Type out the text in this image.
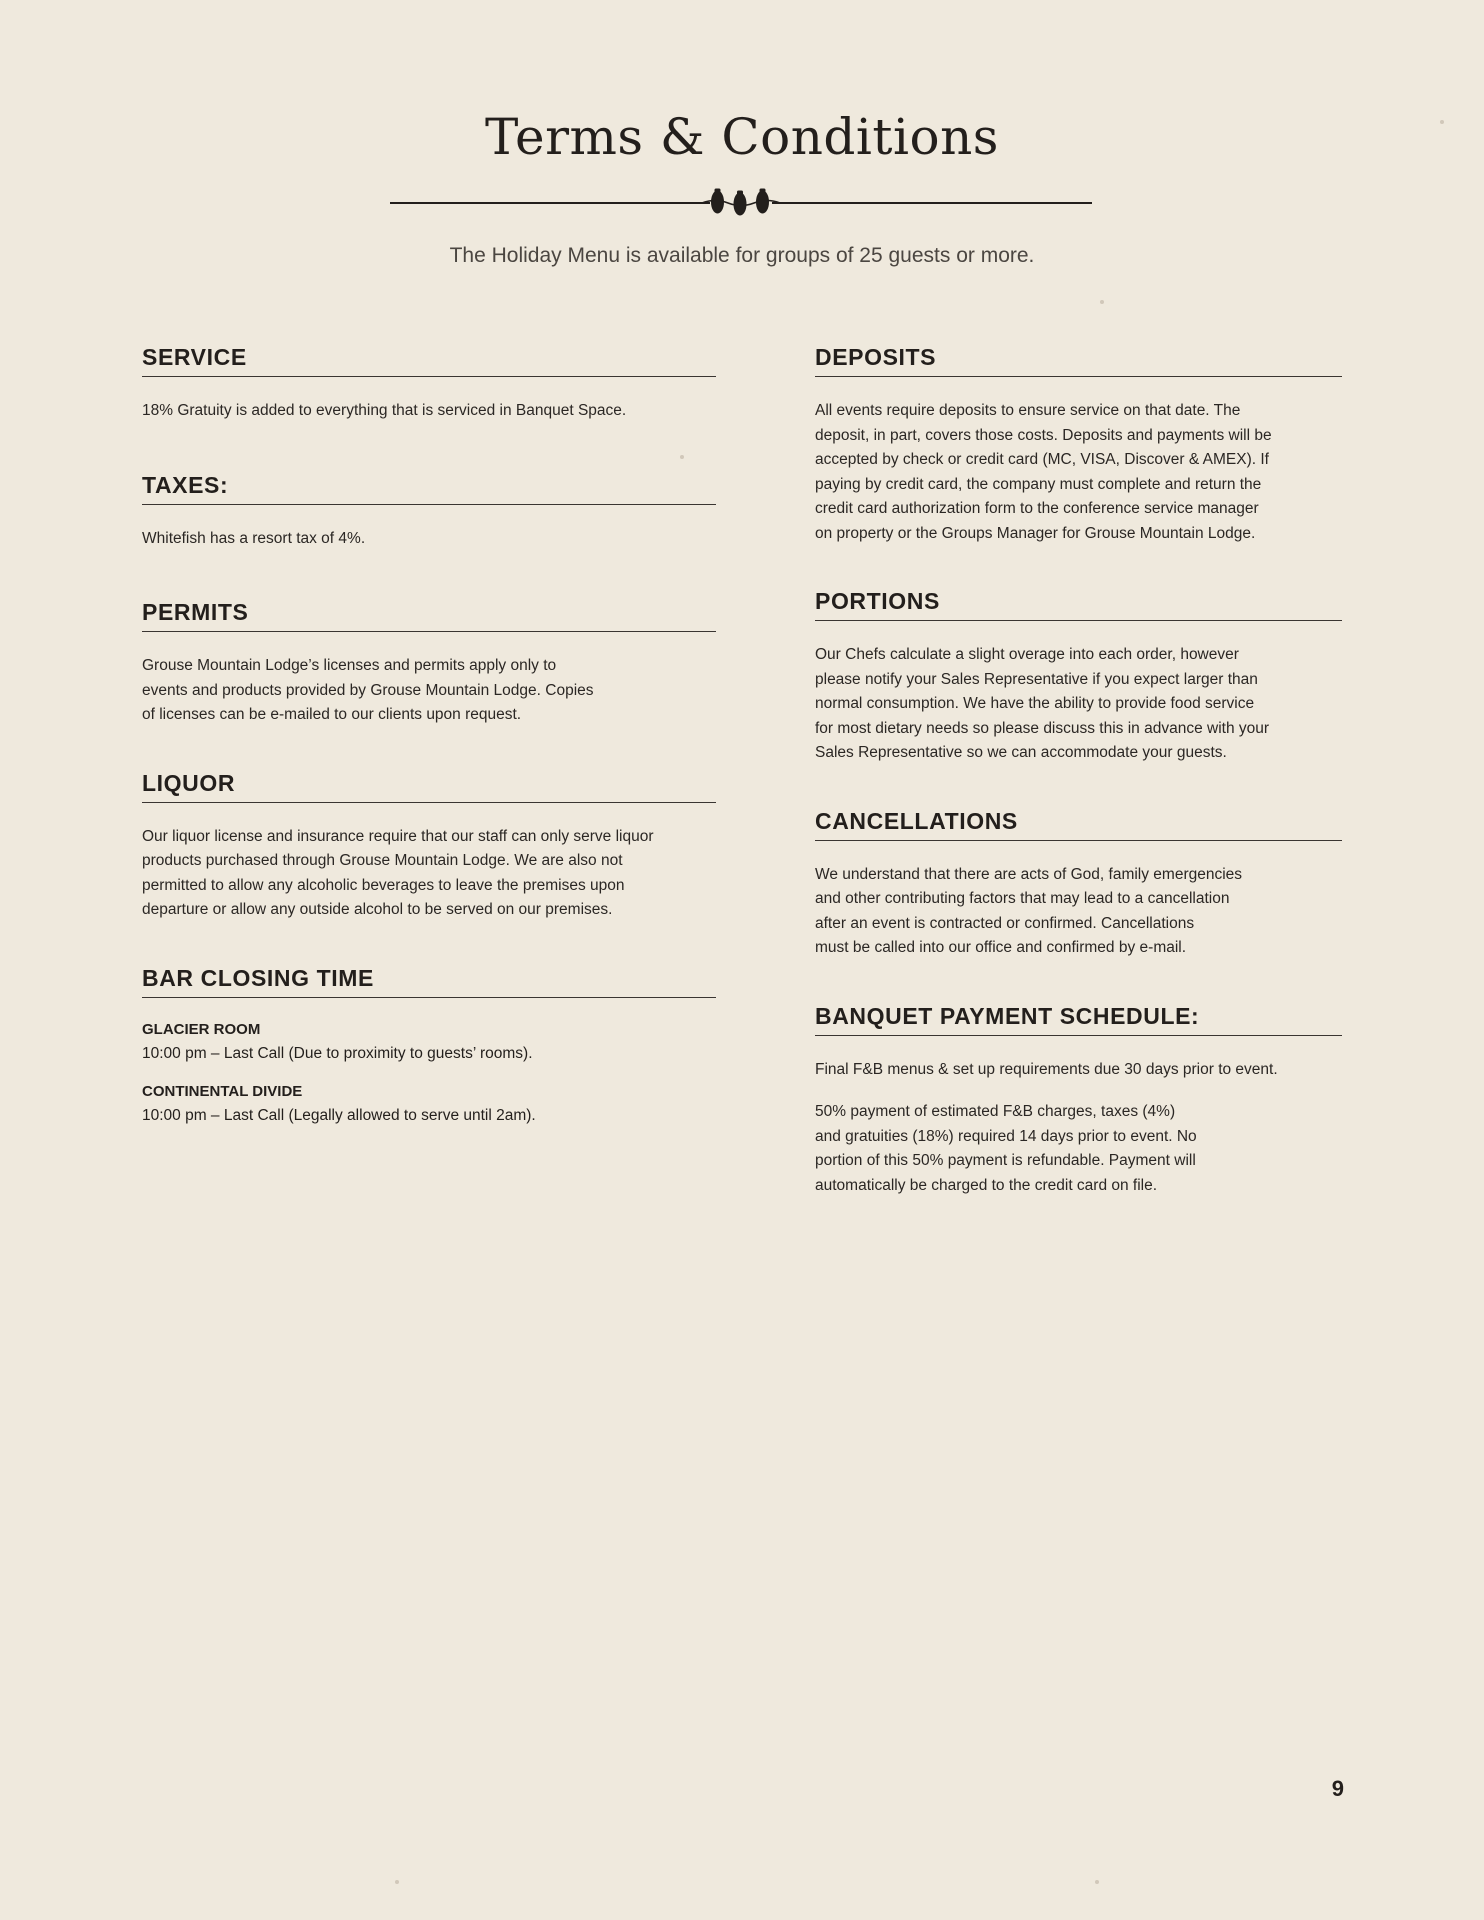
Terms & Conditions

The Holiday Menu is available for groups of 25 guests or more.

SERVICE

18% Gratuity is added to everything that is serviced in Banquet Space.

TAXES:

Whitefish has a resort tax of 4%.

PERMITS

Grouse Mountain Lodge’s licenses and permits apply only to
events and products provided by Grouse Mountain Lodge. Copies
of licenses can be e-mailed to our clients upon request.

LIQUOR

Our liquor license and insurance require that our staff can only serve liquor
products purchased through Grouse Mountain Lodge. We are also not
permitted to allow any alcoholic beverages to leave the premises upon
departure or allow any outside alcohol to be served on our premises.

BAR CLOSING TIME

GLACIER ROOM

10:00 pm – Last Call (Due to proximity to guests’ rooms).

CONTINENTAL DIVIDE

10:00 pm – Last Call (Legally allowed to serve until 2am).

DEPOSITS

All events require deposits to ensure service on that date. The
deposit, in part, covers those costs. Deposits and payments will be
accepted by check or credit card (MC, VISA, Discover & AMEX). If
paying by credit card, the company must complete and return the
credit card authorization form to the conference service manager
on property or the Groups Manager for Grouse Mountain Lodge.

PORTIONS

Our Chefs calculate a slight overage into each order, however
please notify your Sales Representative if you expect larger than
normal consumption. We have the ability to provide food service
for most dietary needs so please discuss this in advance with your
Sales Representative so we can accommodate your guests.

CANCELLATIONS

We understand that there are acts of God, family emergencies
and other contributing factors that may lead to a cancellation
after an event is contracted or confirmed. Cancellations
must be called into our office and confirmed by e-mail.

BANQUET PAYMENT SCHEDULE:

Final F&B menus & set up requirements due 30 days prior to event.

50% payment of estimated F&B charges, taxes (4%)
and gratuities (18%) required 14 days prior to event. No
portion of this 50% payment is refundable. Payment will
automatically be charged to the credit card on file.

9
